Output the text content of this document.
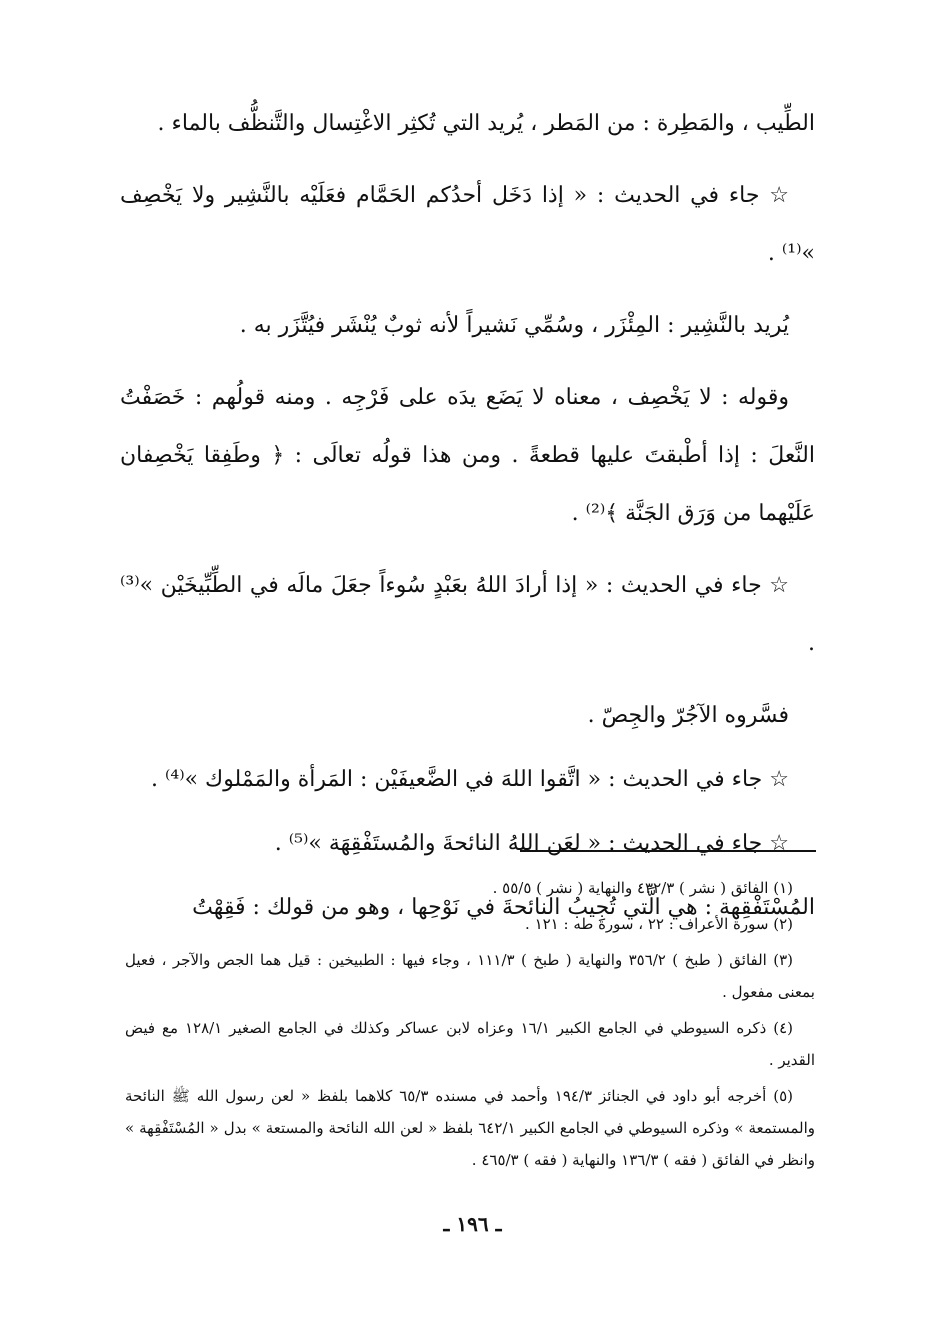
الطِّيب ، والمَطِرة : من المَطر ، يُريد التي تُكثِر الاغْتِسال والتَّنظُّف بالماء .

☆ جاء في الحديث : « إذا دَخَل أحدُكم الحَمَّام فعَلَيْه بالنَّشِير ولا يَخْصِف »⁽¹⁾ .

يُريد بالنَّشِير : المِئْزَر ، وسُمِّي نَشيراً لأنه ثوبٌ يُنْشَر فيُتَّزَر به .

وقوله : لا يَخْصِف ، معناه لا يَضَع يدَه على فَرْجِه . ومنه قولُهم : خَصَفْتُ النَّعلَ : إذا أطْبقتَ عليها قطعةً . ومن هذا قولُه تعالَى : ﴿ وطَفِقا يَخْصِفان عَلَيْهما من وَرَق الجَنَّة ﴾⁽²⁾ .

☆ جاء في الحديث : « إذا أرادَ اللهُ بعَبْدٍ سُوءاً جعَلَ مالَه في الطِّبِّيخَيْن »⁽³⁾ .

فسَّروه الآجُرّ والجِصّ .

☆ جاء في الحديث : « اتَّقوا اللهَ في الضَّعيفَيْن : المَرأة والمَمْلوك »⁽⁴⁾ .

☆ جاء في الحديث : « لعَن اللهُ النائحةَ والمُستَفْقِهَة »⁽⁵⁾ .

المُسْتَفْقِهة : هي الَّتي تُجِيبُ النائحةَ في نَوْحِها ، وهو من قولك : فَقِهْتُ

(١) الفائق ( نشر ) ٤٣٢/٣ والنهاية ( نشر ) ٥٥/٥ .

(٢) سورة الأعراف : ٢٢ ، سورة طه : ١٢١ .

(٣) الفائق ( طبخ ) ٣٥٦/٢ والنهاية ( طبخ ) ١١١/٣ ، وجاء فيها : الطبيخين : قيل هما الجص والآجر ، فعيل بمعنى مفعول .

(٤) ذكره السيوطي في الجامع الكبير ١٦/١ وعزاه لابن عساكر وكذلك في الجامع الصغير ١٢٨/١ مع فيض القدير .

(٥) أخرجه أبو داود في الجنائز ١٩٤/٣ وأحمد في مسنده ٦٥/٣ كلاهما بلفظ « لعن رسول الله ﷺ النائحة والمستمعة » وذكره السيوطي في الجامع الكبير ٦٤٢/١ بلفظ « لعن الله النائحة والمستعة » بدل « المُسْتَفْقِهة » وانظر في الفائق ( فقه ) ١٣٦/٣ والنهاية ( فقه ) ٤٦٥/٣ .

ـ ١٩٦ ـ
